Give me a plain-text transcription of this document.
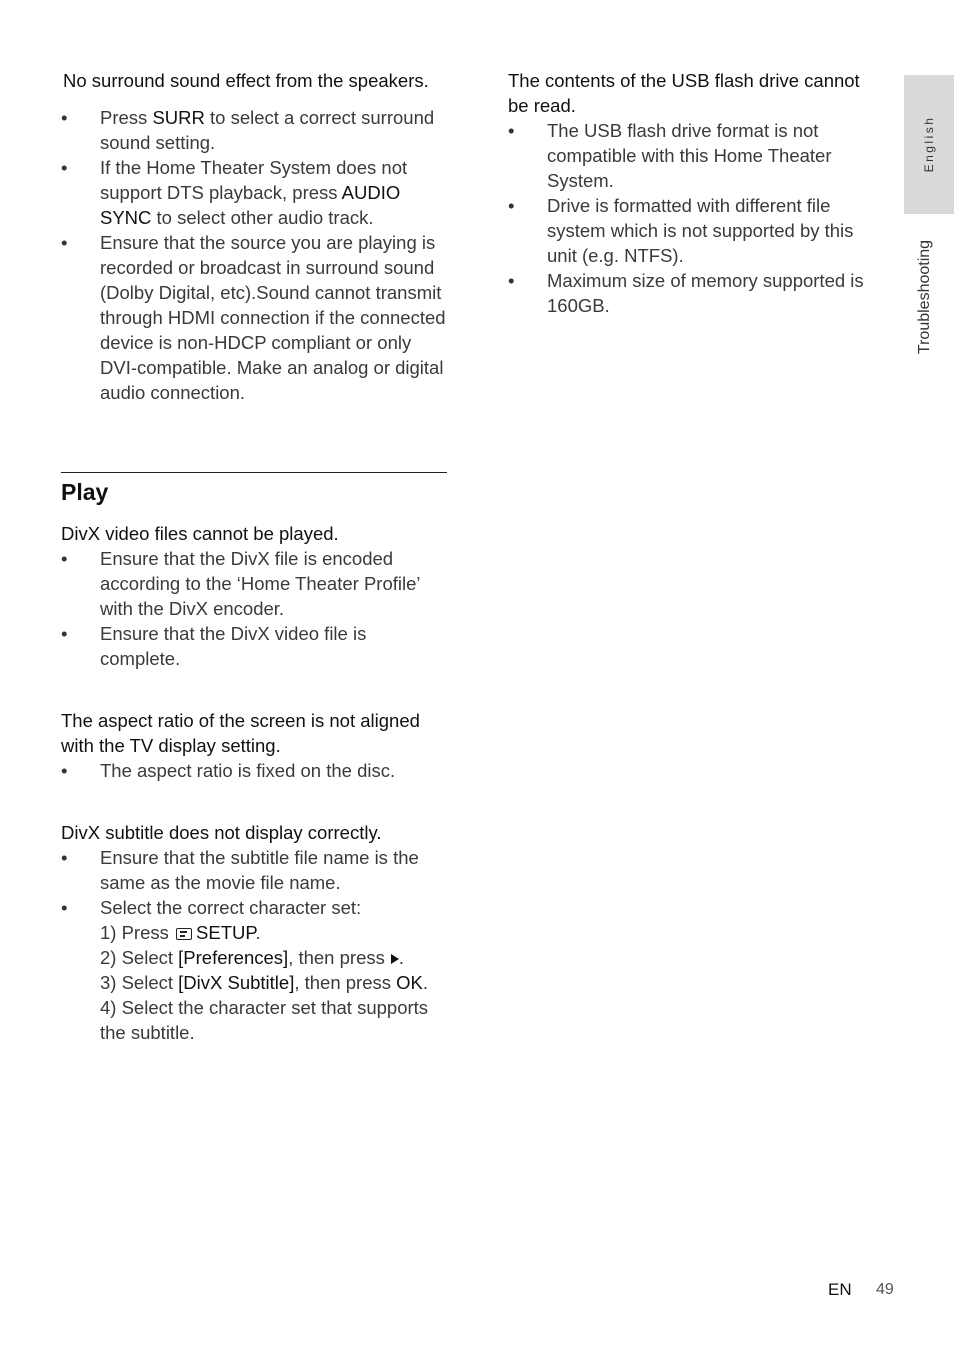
No surround sound effect from the speakers.

• Press SURR to select a correct surround sound setting.
• If the Home Theater System does not support DTS playback, press AUDIO SYNC to select other audio track.
• Ensure that the source you are playing is recorded or broadcast in surround sound (Dolby Digital, etc).Sound cannot transmit through HDMI connection if the connected device is non-HDCP compliant or only DVI-compatible. Make an analog or digital audio connection.
Play

DivX video files cannot be played.

• Ensure that the DivX file is encoded according to the ‘Home Theater Profile’ with the DivX encoder.
• Ensure that the DivX video file is complete.

The aspect ratio of the screen is not aligned with the TV display setting.

• The aspect ratio is fixed on the disc.

DivX subtitle does not display correctly.

• Ensure that the subtitle file name is the same as the movie file name.
• Select the correct character set:
1) Press SETUP.
2) Select [Preferences], then press .
3) Select [DivX Subtitle], then press OK.
4) Select the character set that supports the subtitle.

The contents of the USB flash drive cannot be read.

• The USB flash drive format is not compatible with this Home Theater System.
• Drive is formatted with different file system which is not supported by this unit (e.g. NTFS).
• Maximum size of memory supported is 160GB.
English
Troubleshooting
EN 49
